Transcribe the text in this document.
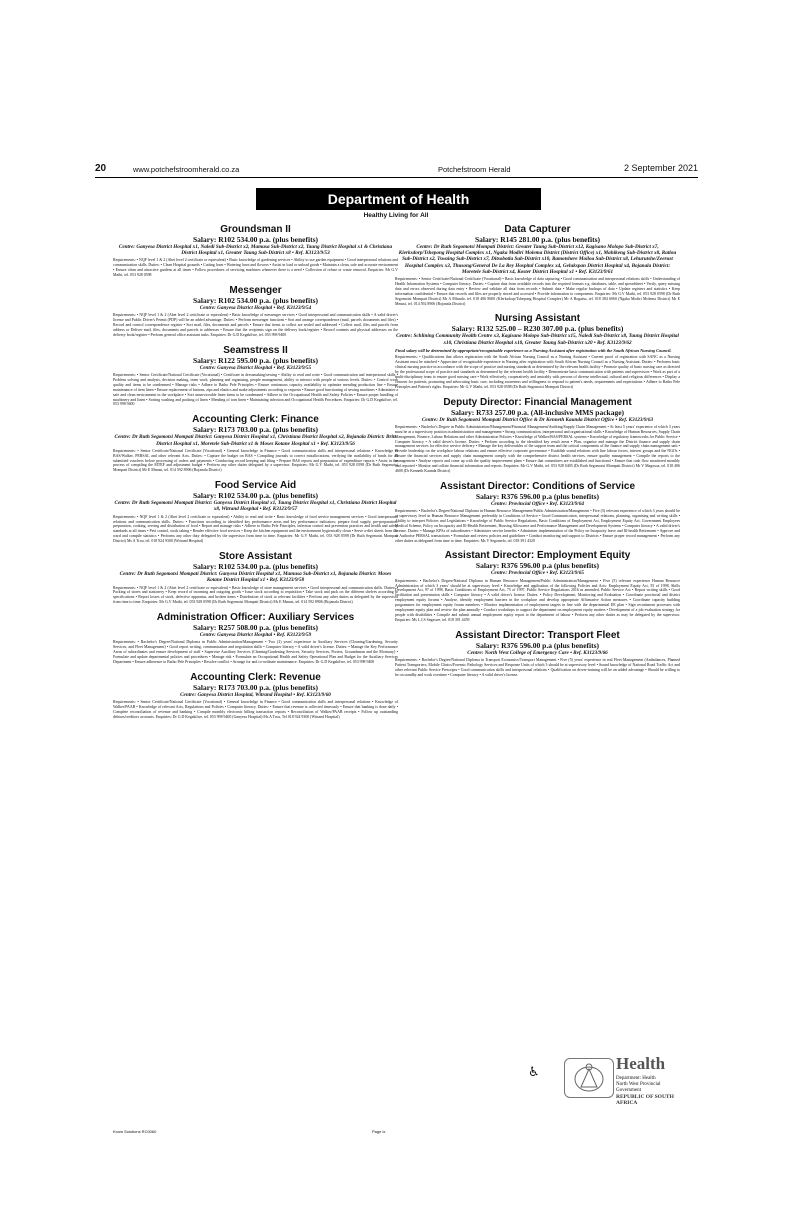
20	www.potchefstroomherald.co.za	Potchefstroom Herald	2 September 2021
Department of Health
Healthy Living for All
Groundsman II
Salary: R102 534.00 p.a. (plus benefits)
Centre: Ganyesa District Hospital x1, Naledi Sub-District x2, Mamusa Sub-District x2, Taung District Hospital x1 & Christiana District Hospital x1, Greater Taung Sub-District x8 • Ref. K3123/9/53

Requirements: • NQF level 1 & 2 (Abet level 2 certificate or equivalent) • Basic knowledge of gardening services • Ability to use garden equipment • Good interpersonal relations and communication skills. Duties: • Clean Hospital grounds • Cutting lawn • Watering lawn and flowers • Assist in load or unload goods • Maintain a clean, safe and accurate environment • Ensure clean and attractive gardens at all times • Follow procedures of servicing machines whenever there is a need • Collection of refuse or waste removal. Enquiries: Mr G.V Maibi, tel. 053 928 0598

Messenger
Salary: R102 534.00 p.a. (plus benefits)
Centre: Ganyesa District Hospital • Ref. K3123/9/54

Requirements: • NQF level 1 & 2 (Abet level 2 certificate or equivalent) • Basic knowledge of messenger services • Good interpersonal and communication skills • A valid driver's license and Public Driver's Permit (PDP) will be an added advantage. Duties: • Perform messenger functions • Sort and arrange correspondence (mail, parcels documents and files) • Record and control correspondence register • Sort mail, files, documents and parcels • Ensure that items to collect are sealed and addressed • Collect mail, files and parcels from address or Deliver mail, files, documents and parcels to addresses • Ensure that the recipients sign on the delivery book/register • Record contents and physical addresses on the delivery book/register • Perform general office assistant tasks. Enquiries: Dr G.D Kegakilwe, tel. 053 998 9400

Seamstress II
Salary: R122 595.00 p.a. (plus benefits)
Centre: Ganyesa District Hospital • Ref. K3123/9/55

Requirements: • Senior Certificate/National Certificate (Vocational) • Certificate in dressmaking/sewing • Ability to read and write • Good communication and interpersonal skills • Problem solving and analysis, decision making, team work, planning and organising, people management, ability to interact with people at various levels. Duties: • Control work quality and items to be condemned • Manage risks • Adhere to Batho Pele Principles • Ensure continuous capacity availability to optimize mending production line • Ensure maintenance of item linen • Ensure replacement of buttons, zips and elastics and make adjustments according to requests • Ensure good functioning of sewing machines • Administer a safe and clean environment in the workplace • Sort unserviceable linen items to be condemned • Adhere to the Occupational Health and Safety Policies • Ensure proper handling of machinery and linen • Sorting washing and packing of linen • Mending of torn linen • Maintaining infection and Occupational Health Procedures. Enquiries: Dr G.D Kegakilwe, tel. 053 998 9400

Accounting Clerk: Finance
Salary: R173 703.00 p.a. (plus benefits)
Centre: Dr Ruth Segomotsi Mompati District: Ganyesa District Hospital x1, Christiana District Hospital x2, Bojanala District: Brits District Hospital x1, Moretele Sub-District x1 & Moses Kotane Hospital x1 • Ref. K3123/9/56

Requirements: • Senior Certificate/National Certificate (Vocational) • General knowledge in Finance • Good communication skills and interpersonal relations • Knowledge of BAS/Walker, PERSAL and other relevant Acts. Duties: • Capture the budget on BAS • Compiling journals to correct misallocations, verifying the availability of funds for all submitted vouchers before processing of orders and payments • Conducting record keeping and filing • Prepare BAS reports and preparation of expenditure reports • Assist in the process of compiling the MTEF and adjustment budget • Perform any other duties delegated by a supervisor. Enquiries: Mr G.V Maibi, tel. 053 928 0598 (Dr Ruth Segomotsi Mompati District) Mr E Mmusi, tel. 014 592 8906 (Bojanala District)

Food Service Aid
Salary: R102 534.00 p.a. (plus benefits)
Centre: Dr Ruth Segomotsi Mompati District: Ganyesa District Hospital x1, Taung District Hospital x1, Christiana District Hospital x8, Witrand Hospital • Ref. K3123/9/57

Requirements: • NQF level 1 & 2 (Abet level 2 certificate or equivalent) • Ability to read and write • Basic knowledge of food service management services • Good interpersonal relations and communication skills. Duties: • Functions according to identified key performance areas and key performance indicators; prepare food supply, pre-preparation, preparation, cooking, serving and distribution of food • Report and manage risks • Adhere to Batho Pele Principles, infection control and prevention practices and health and safety standards at all times • Pest control, stock taking • Render effective food services • Keep the kitchen equipment and the environment hygienically clean • Serve a-diet sheets from the ward and compile statistics • Performs any other duty delegated by the supervisor from time to time. Enquiries: Mr G.V Maibi, tel. 053 928 0598 (Dr Ruth Segomotsi Mompati District) Ms A Trou, tel. 018 924 9300 (Witrand Hospital)

Store Assistant
Salary: R102 534.00 p.a. (plus benefits)
Centre: Dr Ruth Segomotsi Mompati District: Ganyesa District Hospital x1, Mamusa Sub-District x1, Bojanala District: Moses Kotane District Hospital x1 • Ref. K3123/9/58

Requirements: • NQF level 1 & 2 (Abet level 2 certificate or equivalent) • Basic knowledge of store management services • Good interpersonal and communication skills. Duties: • Packing of stores and stationery • Keep record of incoming and outgoing goods • Issue stock according to requisition • Take stock and pack on the different shelves according to specifications • Report losses of stock, defective apparatus, and broken items • Distribution of stock to relevant facilities • Perform any other duties as delegated by the supervisor from time to time. Enquiries: Mr G.V Maibi, tel. 053 928 0598 (Dr Ruth Segomotsi Mompati District) Mr E Mmusi, tel. 014 592 8906 (Bojanala District)

Administration Officer: Auxiliary Services
Salary: R257 508.00 p.a. (plus benefits)
Centre: Ganyesa District Hospital • Ref. K3123/9/59

Requirements: • Bachelor's Degree/National Diploma in Public Administration/Management • Two (2) years' experience in Auxiliary Services (Cleaning/Gardening, Security Services, and Fleet Management) • Good report writing, communication and negotiation skills • Computer literacy • A valid driver's license. Duties: • Manage the Key Performance Areas of subordinates and ensure development of staff • Supervise Auxiliary Services (Cleaning/Gardening Services, Security Services, Porters, Groundsman and the Mortuary) • Formulate and update departmental policies and procedures • Manage risk • Formulate an Occupational Health and Safety Operational Plan and Budget for the Auxiliary Services Department • Ensure adherence to Batho Pele Principles • Resolve conflict • Arrange for and co-ordinate maintenance. Enquiries: Dr G.D Kegakilwe, tel. 053 998 9400

Accounting Clerk: Revenue
Salary: R173 703.00 p.a. (plus benefits)
Centre: Ganyesa District Hospital, Witrand Hospital • Ref. K3123/9/60

Requirements: • Senior Certificate/National Certificate (Vocational) • General knowledge in Finance • Good communication skills and interpersonal relations • Knowledge of Walker/PAAB • Knowledge of relevant Acts, Regulations and Policies • Computer literacy. Duties: • Ensure that revenue is collected timeously • Ensure that banking is done daily • Complete reconciliation of revenue and banking • Compile monthly electronic billing transaction reports • Reconciliation of Walker/PAAB receipts • Follow up outstanding debtors/creditors accounts. Enquiries: Dr G.D Kegakilwe, tel. 053 998 9400 (Ganyesa Hospital) Ms A Trou, Tel 018 924 9300 (Witrand Hospital)

Data Capturer
Salary: R145 281.00 p.a. (plus benefits)
Centre: Dr Ruth Segomotsi Mompati District: Greater Taung Sub-District x12, Kagisano Molopo Sub-District x7, Kierksdorp/Tshepong Hospital Complex x1, Ngaka Modiri Molema District (District Office) x1, Mahikeng Sub-District x8, Ratlou Sub-District x2, Tswaing Sub-District x7, Ditsobotla Sub-District x10, Ramotshere Moiloa Sub-District x8, Lehurutshe/Zeerust Hospital Complex x3, Thusong/General De La Rey Hospital Complex x4, Gelukspan District Hospital x4, Bojanala District: Moretele Sub-District x4, Koster District Hospital x1 • Ref. K3123/9/61

Requirements: • Senior Certificate/National Certificate (Vocational) • Basic knowledge of data capturing • Good communication and interpersonal relations skills • Understanding of Health Information Systems • Computer literacy. Duties: • Capture data from available records into the required formats e.g. databases, table, and spreadsheet • Verify, query missing data and errors observed during data entry • Review and validate all data from records • Submit data • Make regular backups of data • Update registers and statistics • Keep information confidential • Ensure that records and files are properly stored and accessed • Provide information to components. Enquiries: Mr G.V Maibi, tel. 053 928 0598 (Dr Ruth Segomotsi Mompati District) Mr A Mfundo, tel. 018 406 8600 (Klerksdorp/Tshepong Hospital Complex) Mr A Bogatsu, tel. 018 384 6060 (Ngaka Modiri Molema District) Mr E Mmusi, tel. 014 592 8906 (Bojanala District)

Nursing Assistant
Salary: R132 525.00 – R230 307.00 p.a. (plus benefits)
Centre: Schlining Community Health Centre x3, Kagisano Molopo Sub-District x15, Naledi Sub-District x8, Taung District Hospital x10, Christiana District Hospital x10, Greater Taung Sub-District x20 • Ref. K3123/9/62
Final salary will be determined by appropriate/recognisable experience as a Nursing Assistant after registration with the South African Nursing Council.

Requirements: • Qualifications that allows registration with the South African Nursing Council as a Nursing Assistant • Current proof of registration with SANC as a Nursing Assistant must be attached • Appreciate of recognisable experience in Nursing after registration with South African Nursing Council as a Nursing Assistant. Duties: • Performs basic clinical nursing practice in accordance with the scope of practice and nursing standards as determined by the relevant health facility • Promote quality of basic nursing care as directed by the professional scope of practice and standards as determined by the relevant health facility • Demonstrate basic communication with patients and supervisors • Work as part of a multi-disciplinary team to ensure good nursing care • Work effectively, cooperatively and amicably with persons of diverse intellectual, cultural and religious differences • Display a concern for patients, promoting and advocating basic care, including awareness and willingness to respond to patient's needs, requirements and expectations • Adhere to Batho Pele Principles and Patient's rights. Enquiries: Mr G.V Maibi, tel. 053 928 0598 (Dr Ruth Segomotsi Mompati District)

Deputy Director: Financial Management
Salary: R733 257.00 p.a. (All-inclusive MMS package)
Centre: Dr Ruth Segomotsi Mompati District Office & Dr Kenneth Kaunda District Office • Ref. K3123/9/63

Requirements: • Bachelor's Degree in Public Administration/Management/Financial Management/Auditing/Supply Chain Management • At least 5 years' experience of which 3 years must be at a supervisory position in administration and management • Strong communication, interpersonal and organisational skills • Knowledge of Human Resources, Supply Chain Management, Finance, Labour Relations and other Administration Policies • Knowledge of Walker/BAS/PERSAL systems • Knowledge of regulatory frameworks for Public Service • Computer literacy • A valid driver's license. Duties: • Perform according to the identified key result areas • Plan, organise and manage the District finance and supply chain management services for effective service delivery • Manage the key deliverables of the support team and the critical components of the finance and supply chain management unit • Provide leadership on the workplace labour relations and ensure effective corporate governance • Establish sound relations with line labour forces, interest groups and the NGOs • Ensure the financial services and supply chain management comply with the comprehensive district health services, ensure quality management • Compile the reports to the management • Analyse reports and come up with the quality improvement plans • Ensure that committees are established and functional • Ensure that cash flow monitored monthly and reported • Monitor and collate financial information and reports. Enquiries: Mr G.V Maibi, tel. 053 928 0405 (Dr Ruth Segomotsi Mompati District) Mr V Magosoa, tel. 018 406 4600 (Dr Kenneth Kaunda District)

Assistant Director: Conditions of Service
Salary: R376 596.00 p.a (plus benefits)
Centre: Provincial Office • Ref. K3123/9/64

Requirements: • Bachelor's Degree/National Diploma in Human Resource Management/Public Administration/Management • Five (5) relevant experience of which 3 years should be at supervisory level in Human Resource Management preferably in Conditions of Service • Good Communication, interpersonal relations, planning, organising and writing skills • Ability to interpret Policies and Legislations • Knowledge of Public Service Regulations, Basic Conditions of Employment Act, Employment Equity Act, Government Employees Medical Scheme, Policy on Incapacity and Ill-Health Retirement, Housing Allowance and Performance Management and Development Systems • Computer literacy • A valid driver's license. Duties: • Manage KPAs of subordinates • Administer service benefits • Administer implementation of the Policy on Incapacity leave and Ill-health Retirement • Approve and or Authorise PERSAL transactions • Formulate and review policies and guidelines • Conduct monitoring and support to Districts • Ensure proper record management • Perform any other duties as delegated from time to time. Enquiries: Ms V Segomelo, tel. 018 391 4320

Assistant Director: Employment Equity
Salary: R376 596.00 p.a (plus benefits)
Centre: Provincial Office • Ref. K3123/9/65

Requirements: • Bachelor's Degree/National Diploma in Human Resource Management/Public Administration/Management • Five (5) relevant experience Human Resource Administration of which 3 years' should be at supervisory level • Knowledge and application of the following Policies and Acts: Employment Equity Act, 55 of 1998, Skills Development Act, 97 of 1998, Basic Conditions of Employment Act, 75 of 1997, Public Service Regulations 2016 as amended, Public Service Act • Report writing skills • Good facilitation and presentation skills • Computer literacy • A valid driver's license. Duties: • Policy Development, Monitoring and Evaluation • Coordinate provincial and district employment equity forums • Analyse, identify employment barriers in the workplace and develop appropriate Affirmative Action measures • Coordinate capacity building programmes for employment equity forum members • Monitor implementation of employment targets in line with the departmental EE plan • Sign recruitment processes with employment equity plan and review the plan annually • Conduct workshops to support the department on employment equity matters • Development of a job evaluation strategy for people with disabilities • Compile and submit annual employment equity report to the department of labour • Perform any other duties as may be delegated by the supervisor. Enquiries: Ms L.I.S Segaswe, tel. 018 391 4459

Assistant Director: Transport Fleet
Salary: R376 596.00 p.a (plus benefits)
Centre: North West College of Emergency Care • Ref. K3123/9/66

Requirements: • Bachelor's Degree/National Diploma in Transport Economics/Transport Management • Five (5) years' experience in real Fleet Management (Ambulances, Planned Patient Transporters, Mobile Clinics/Forensic Pathology Services and Response Units of which 3 should be at supervisory level • Sound knowledge of National Road Traffic Act and other relevant Public Service Prescripts • Good communication skills and interpersonal relations • Qualification on driver-training will be an added advantage • Should be willing to be on standby and work overtime • Computer literacy • A valid driver's license.

Know Solutions RC0060	Page ix
♿	Health
Department: Health
North West Provincial Government
REPUBLIC OF SOUTH AFRICA
